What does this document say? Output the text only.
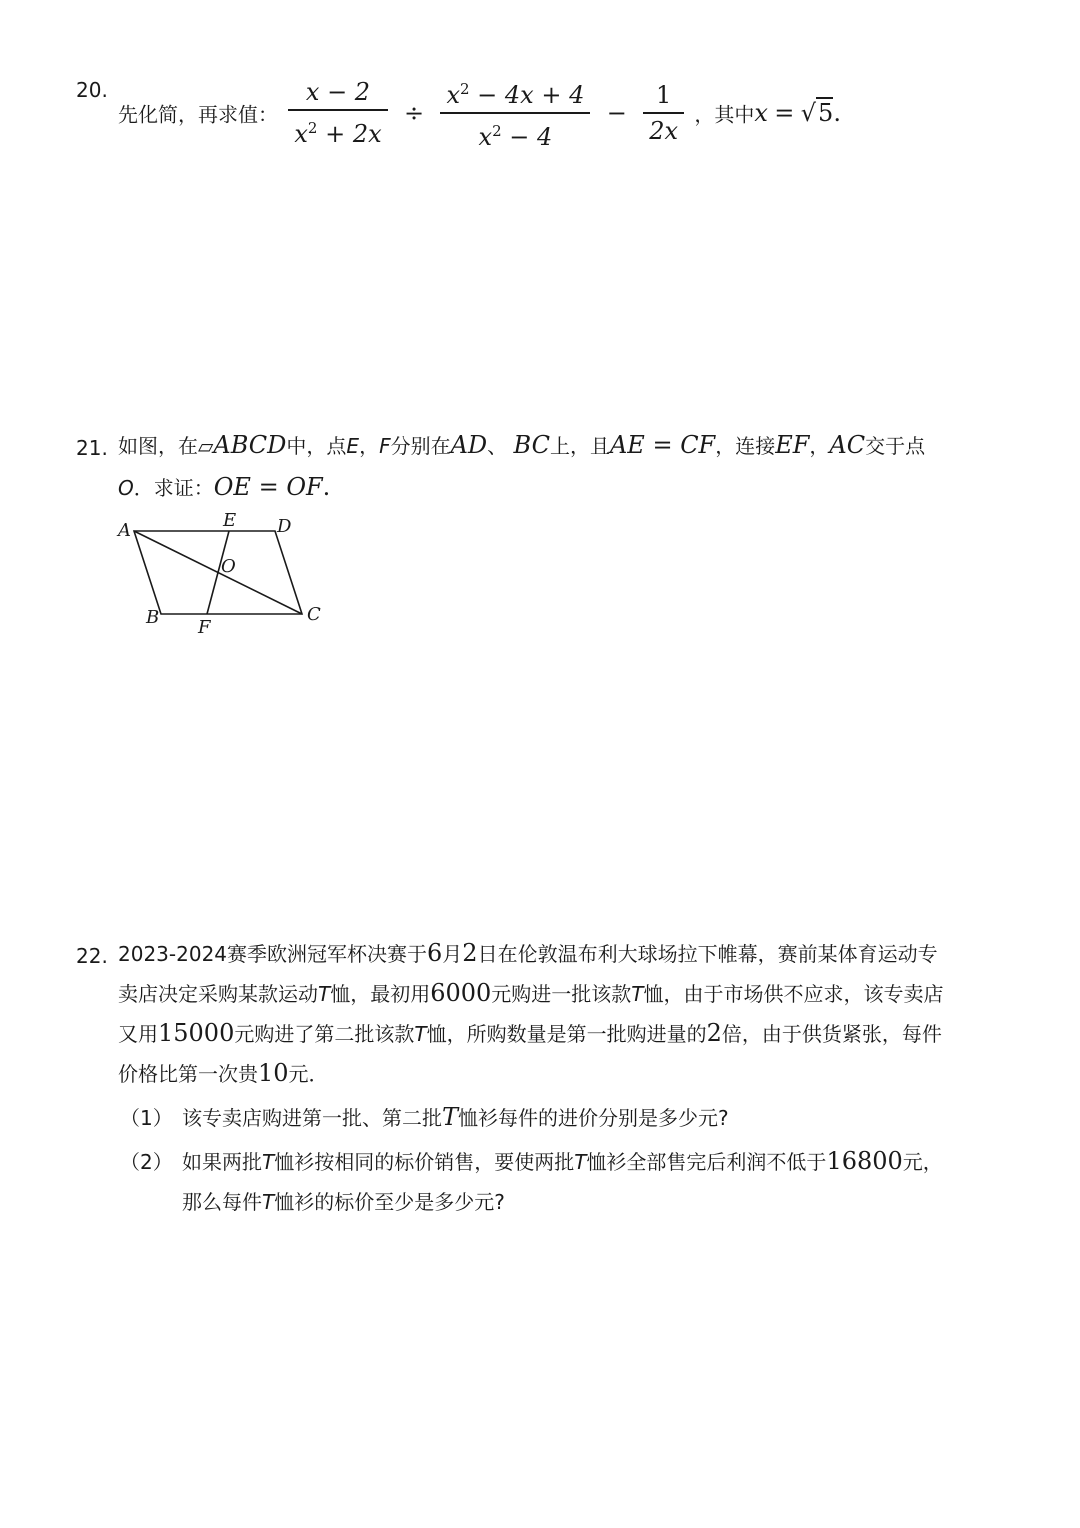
20.
先化简，再求值： $\frac{x - 2}{x^2 + 2x} \div \frac{x^2 - 4x + 4}{x^2 - 4} - \frac{1}{2x}$ ，其中x = √5.
21. 如图，在▱ABCD中，点E，F分别在AD、 BC上，且AE = CF，连接EF，AC交于点
O．求证：OE = OF.
A	E D
O
B F
C
22. 2023-2024赛季欧洲冠军杯决赛于6月2日在伦敦温布利大球场拉下帷幕，赛前某体育运动专
卖店决定采购某款运动T恤，最初用6000元购进一批该款T恤，由于市场供不应求，该专卖店
又用15000元购进了第二批该款T恤，所购数量是第一批购进量的2倍，由于供货紧张，每件
价格比第一次贵10元．
（1） 该专卖店购进第一批、第二批T恤衫每件的进价分别是多少元?
（2） 如果两批T恤衫按相同的标价销售，要使两批T恤衫全部售完后利润不低于16800元，
那么每件T恤衫的标价至少是多少元?
